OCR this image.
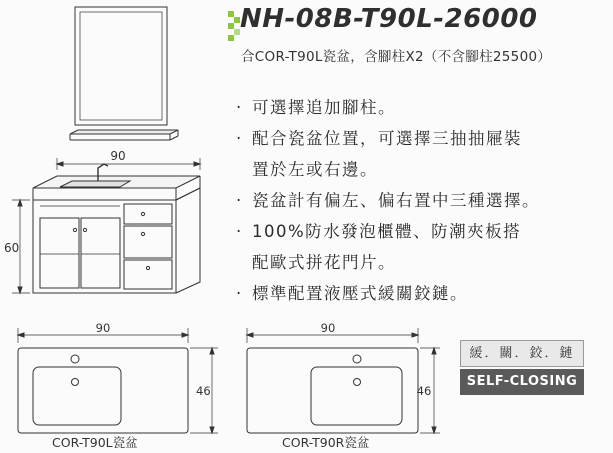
NH-08B-T90L-26000
合COR-T90L瓷盆，含腳柱X2（不含腳柱25500）
90
60
· 可選擇追加腳柱。
· 配合瓷盆位置，可選擇三抽抽屜裝
置於左或右邊。
· 瓷盆計有偏左、偏右置中三種選擇。
· 100%防水發泡櫃體、防潮夾板搭
配歐式拼花門片。
· 標準配置液壓式緩關鉸鏈。
90
46
COR-T90L瓷盆
90
46
COR-T90R瓷盆
緩．關．鉸．鏈
SELF-CLOSING
